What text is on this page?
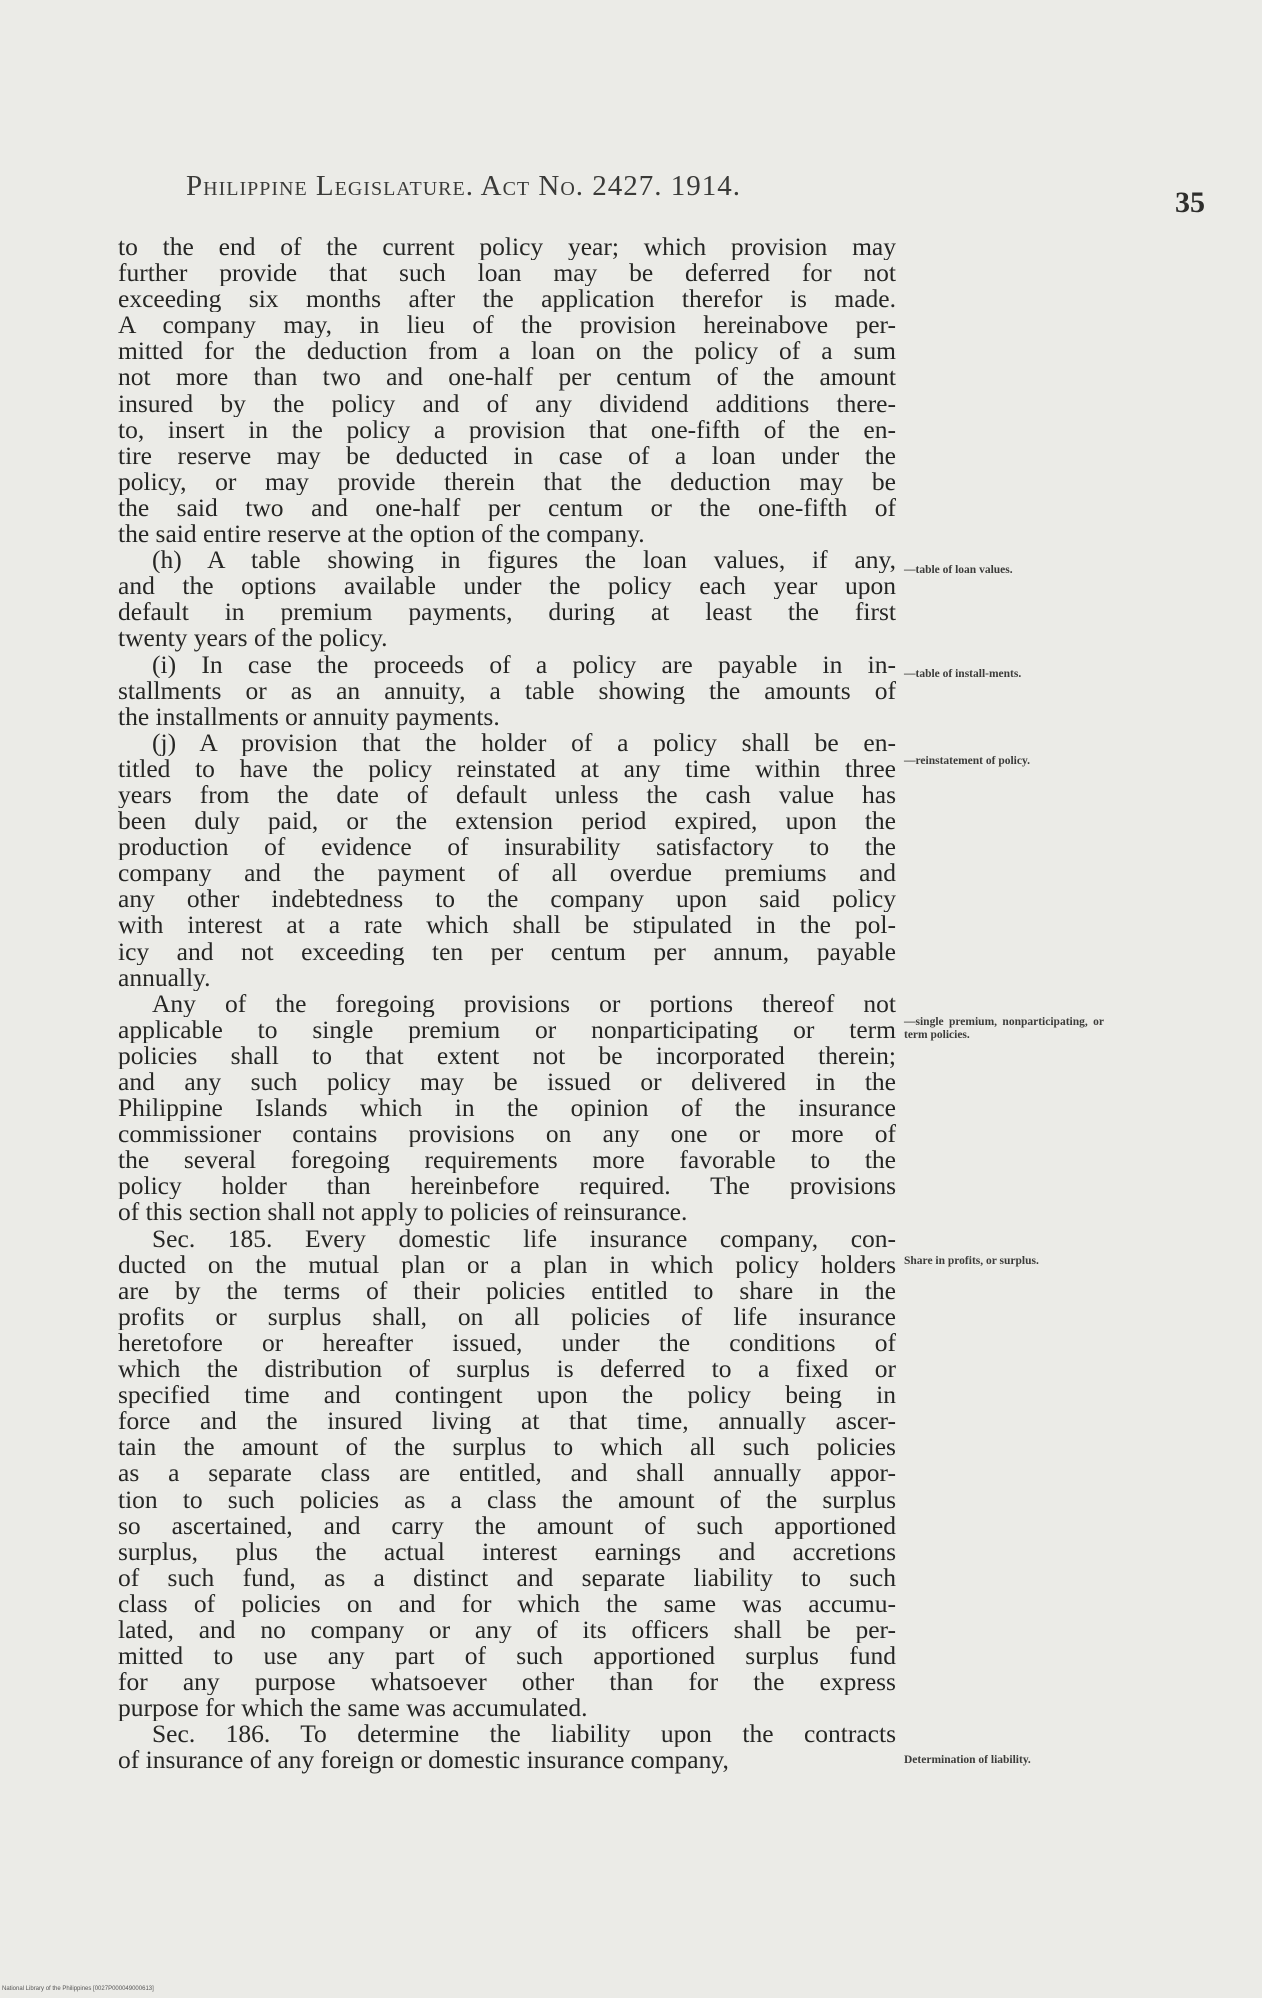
Philippine Legislature. Act No. 2427. 1914.	35
to the end of the current policy year; which provision may
further provide that such loan may be deferred for not
exceeding six months after the application therefor is made.
A company may, in lieu of the provision hereinabove per-
mitted for the deduction from a loan on the policy of a sum
not more than two and one-half per centum of the amount
insured by the policy and of any dividend additions there-
to, insert in the policy a provision that one-fifth of the en-
tire reserve may be deducted in case of a loan under the
policy, or may provide therein that the deduction may be
the said two and one-half per centum or the one-fifth of
the said entire reserve at the option of the company.
(h) A table showing in figures the loan values, if any,
and the options available under the policy each year upon
default in premium payments, during at least the first
twenty years of the policy.
(i) In case the proceeds of a policy are payable in in-
stallments or as an annuity, a table showing the amounts of
the installments or annuity payments.
(j) A provision that the holder of a policy shall be en-
titled to have the policy reinstated at any time within three
years from the date of default unless the cash value has
been duly paid, or the extension period expired, upon the
production of evidence of insurability satisfactory to the
company and the payment of all overdue premiums and
any other indebtedness to the company upon said policy
with interest at a rate which shall be stipulated in the pol-
icy and not exceeding ten per centum per annum, payable
annually.
Any of the foregoing provisions or portions thereof not
applicable to single premium or nonparticipating or term
policies shall to that extent not be incorporated therein;
and any such policy may be issued or delivered in the
Philippine Islands which in the opinion of the insurance
commissioner contains provisions on any one or more of
the several foregoing requirements more favorable to the
policy holder than hereinbefore required. The provisions
of this section shall not apply to policies of reinsurance.
Sec. 185. Every domestic life insurance company, con-
ducted on the mutual plan or a plan in which policy holders
are by the terms of their policies entitled to share in the
profits or surplus shall, on all policies of life insurance
heretofore or hereafter issued, under the conditions of
which the distribution of surplus is deferred to a fixed or
specified time and contingent upon the policy being in
force and the insured living at that time, annually ascer-
tain the amount of the surplus to which all such policies
as a separate class are entitled, and shall annually appor-
tion to such policies as a class the amount of the surplus
so ascertained, and carry the amount of such apportioned
surplus, plus the actual interest earnings and accretions
of such fund, as a distinct and separate liability to such
class of policies on and for which the same was accumu-
lated, and no company or any of its officers shall be per-
mitted to use any part of such apportioned surplus fund
for any purpose whatsoever other than for the express
purpose for which the same was accumulated.
Sec. 186. To determine the liability upon the contracts
of insurance of any foreign or domestic insurance company,
—table of loan values.
—table of install-ments.
—reinstatement of policy.
—single premium, nonparticipating, or term policies.
Share in profits, or surplus.
Determination of liability.
National Library of the Philippines [0027P000049000613]
